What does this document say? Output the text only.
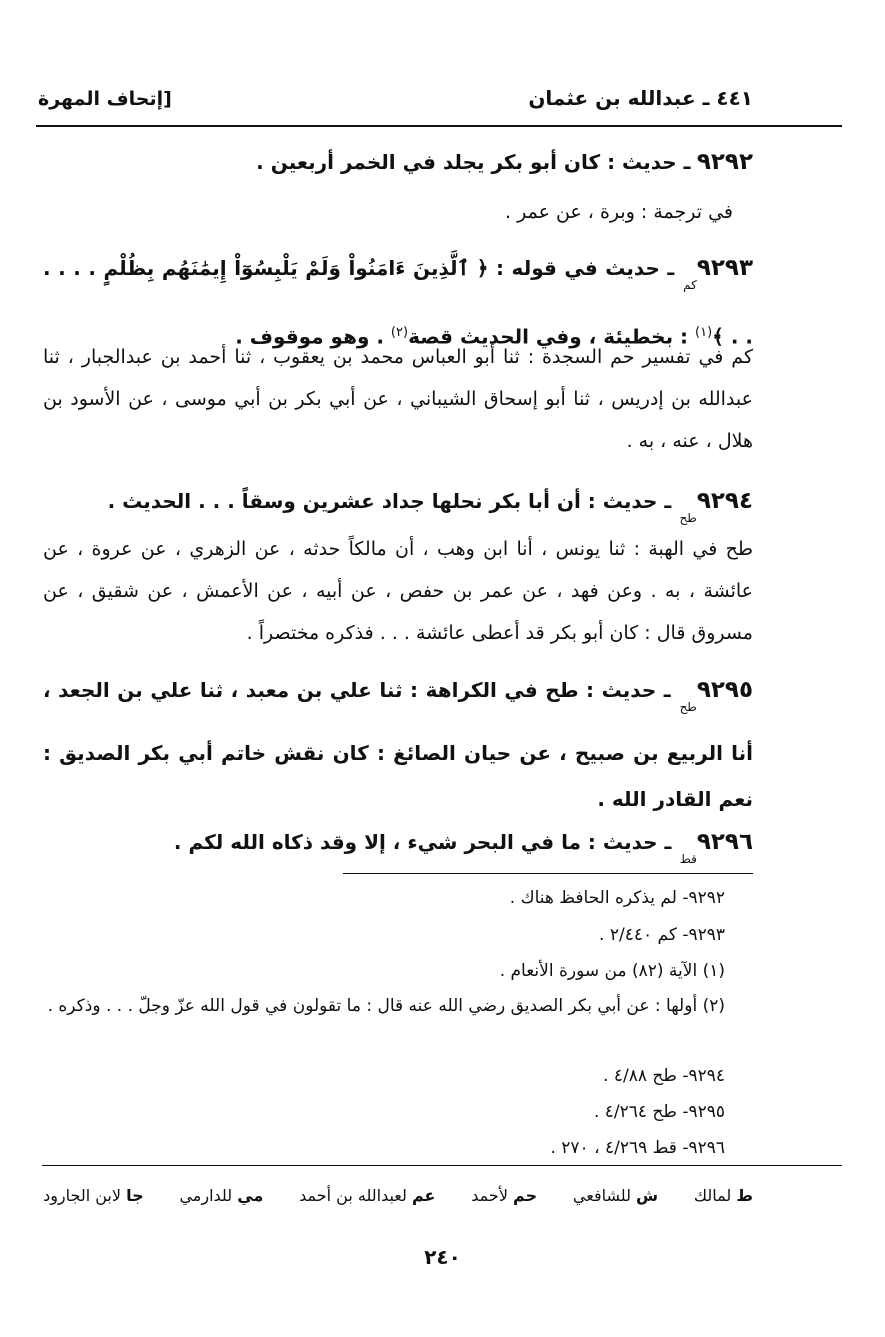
٤٤١ ـ عبدالله بن عثمان
[إتحاف المهرة
٩٢٩٢ ـ حديث : كان أبو بكر يجلد في الخمر أربعين .
في ترجمة : وبرة ، عن عمر .
$٩٢٩٣_{كم}$ ـ حديث في قوله : ﴿ ٱلَّذِينَ ءَامَنُواْ وَلَمْ يَلْبِسُوٓاْ إِيمَٰنَهُم بِظُلْمٍ . . . . . . ﴾$^{(١)}$ : بخطيئة ، وفي الحديث قصة$^{(٢)}$ . وهو موقوف .
كم في تفسير حم السجدة : ثنا أبو العباس محمد بن يعقوب ، ثنا أحمد بن عبدالجبار ، ثنا عبدالله بن إدريس ، ثنا أبو إسحاق الشيباني ، عن أبي بكر بن أبي موسى ، عن الأسود بن هلال ، عنه ، به .
$٩٢٩٤_{طح}$ ـ حديث : أن أبا بكر نحلها جداد عشرين وسقاً . . . الحديث .
طح في الهبة : ثنا يونس ، أنا ابن وهب ، أن مالكاً حدثه ، عن الزهري ، عن عروة ، عن عائشة ، به . وعن فهد ، عن عمر بن حفص ، عن أبيه ، عن الأعمش ، عن شقيق ، عن مسروق قال : كان أبو بكر قد أعطى عائشة . . . فذكره مختصراً .
$٩٢٩٥_{طح}$ ـ حديث : طح في الكراهة : ثنا علي بن معبد ، ثنا علي بن الجعد ، أنا الربيع بن صبيح ، عن حيان الصائغ : كان نقش خاتم أبي بكر الصديق : نعم القادر الله .
$٩٢٩٦_{قط}$ ـ حديث : ما في البحر شيء ، إلا وقد ذكاه الله لكم .
٩٢٩٢- لم يذكره الحافظ هناك .
٩٢٩٣- كم ٢/٤٤٠ .
(١) الآية (٨٢) من سورة الأنعام .
(٢) أولها : عن أبي بكر الصديق رضي الله عنه قال : ما تقولون في قول الله عزّ وجلّ . . . وذكره .
٩٢٩٤- طح ٤/٨٨ .
٩٢٩٥- طح ٤/٢٦٤ .
٩٢٩٦- قط ٤/٢٦٩ ، ٢٧٠ .
ط لمالك
ش للشافعي
حم لأحمد
عم لعبدالله بن أحمد
مي للدارمي
جا لابن الجارود
٢٤٠
